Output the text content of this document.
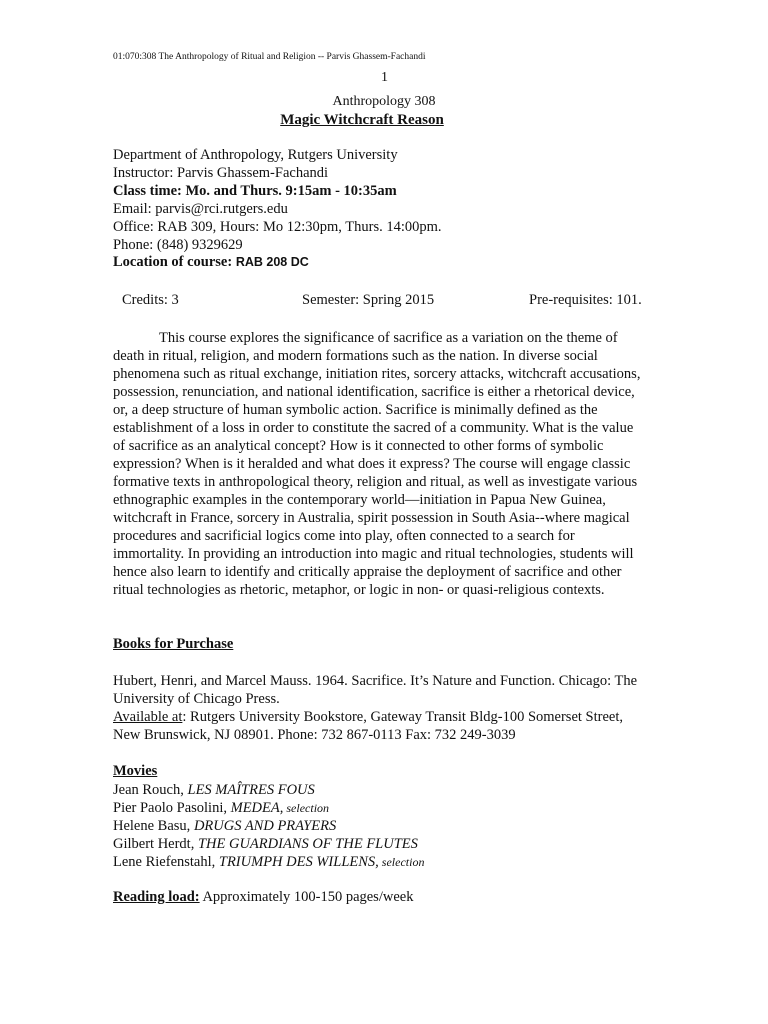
01:070:308 The Anthropology of Ritual and Religion -- Parvis Ghassem-Fachandi
1
Anthropology 308
Magic Witchcraft Reason
Department of Anthropology, Rutgers University
Instructor: Parvis Ghassem-Fachandi
Class time: Mo. and Thurs. 9:15am - 10:35am
Email: parvis@rci.rutgers.edu
Office: RAB 309, Hours: Mo 12:30pm, Thurs. 14:00pm.
Phone: (848) 9329629
Location of course: RAB 208 DC
Credits: 3	Semester: Spring 2015	Pre-requisites: 101.

This course explores the significance of sacrifice as a variation on the theme of death in ritual, religion, and modern formations such as the nation. In diverse social phenomena such as ritual exchange, initiation rites, sorcery attacks, witchcraft accusations, possession, renunciation, and national identification, sacrifice is either a rhetorical device, or, a deep structure of human symbolic action. Sacrifice is minimally defined as the establishment of a loss in order to constitute the sacred of a community. What is the value of sacrifice as an analytical concept? How is it connected to other forms of symbolic expression? When is it heralded and what does it express? The course will engage classic formative texts in anthropological theory, religion and ritual, as well as investigate various ethnographic examples in the contemporary world—initiation in Papua New Guinea, witchcraft in France, sorcery in Australia, spirit possession in South Asia--where magical procedures and sacrificial logics come into play, often connected to a search for immortality. In providing an introduction into magic and ritual technologies, students will hence also learn to identify and critically appraise the deployment of sacrifice and other ritual technologies as rhetoric, metaphor, or logic in non- or quasi-religious contexts.

Books for Purchase

Hubert, Henri, and Marcel Mauss. 1964. Sacrifice. It’s Nature and Function. Chicago: The University of Chicago Press.
Available at: Rutgers University Bookstore, Gateway Transit Bldg-100 Somerset Street, New Brunswick, NJ 08901. Phone: 732 867-0113 Fax: 732 249-3039

Movies
Jean Rouch, LES MAÎTRES FOUS
Pier Paolo Pasolini, MEDEA, selection
Helene Basu, DRUGS AND PRAYERS
Gilbert Herdt, THE GUARDIANS OF THE FLUTES
Lene Riefenstahl, TRIUMPH DES WILLENS, selection
Reading load: Approximately 100-150 pages/week
